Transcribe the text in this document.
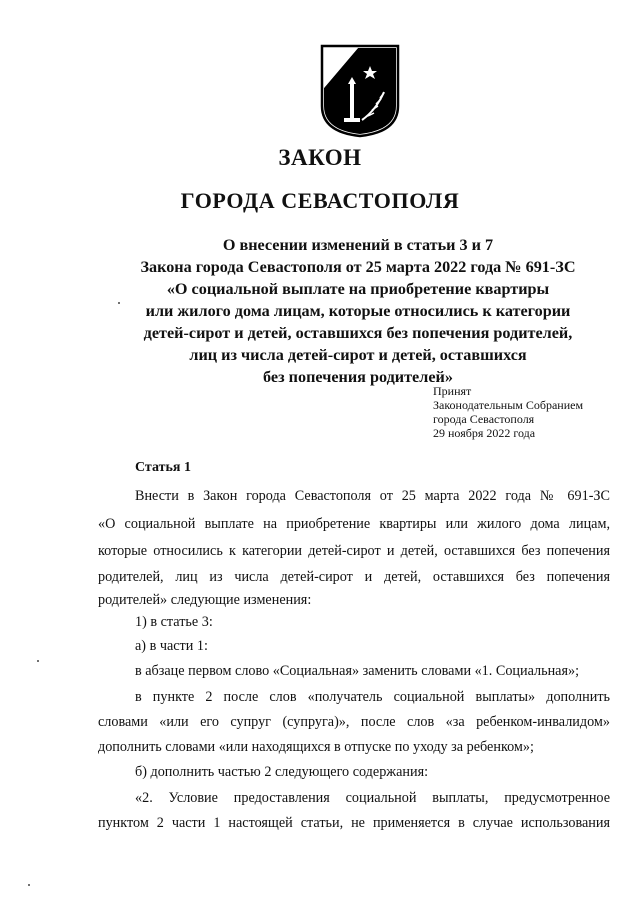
ЗАКОН
ГОРОДА СЕВАСТОПОЛЯ
О внесении изменений в статьи 3 и 7
Закона города Севастополя от 25 марта 2022 года № 691-ЗС
«О социальной выплате на приобретение квартиры
или жилого дома лицам, которые относились к категории
детей-сирот и детей, оставшихся без попечения родителей,
лиц из числа детей-сирот и детей, оставшихся
без попечения родителей»
Принят
Законодательным Собранием
города Севастополя
29 ноября 2022 года
Статья 1
Внести в Закон города Севастополя от 25 марта 2022 года № 691-ЗС
«О социальной выплате на приобретение квартиры или жилого дома лицам,
которые относились к категории детей-сирот и детей, оставшихся без попечения
родителей, лиц из числа детей-сирот и детей, оставшихся без попечения
родителей» следующие изменения:
1) в статье 3:
а) в части 1:
в абзаце первом слово «Социальная» заменить словами «1. Социальная»;
в пункте 2 после слов «получатель социальной выплаты» дополнить
словами «или его супруг (супруга)», после слов «за ребенком-инвалидом»
дополнить словами «или находящихся в отпуске по уходу за ребенком»;
б) дополнить частью 2 следующего содержания:
«2. Условие предоставления социальной выплаты, предусмотренное
пунктом 2 части 1 настоящей статьи, не применяется в случае использования
